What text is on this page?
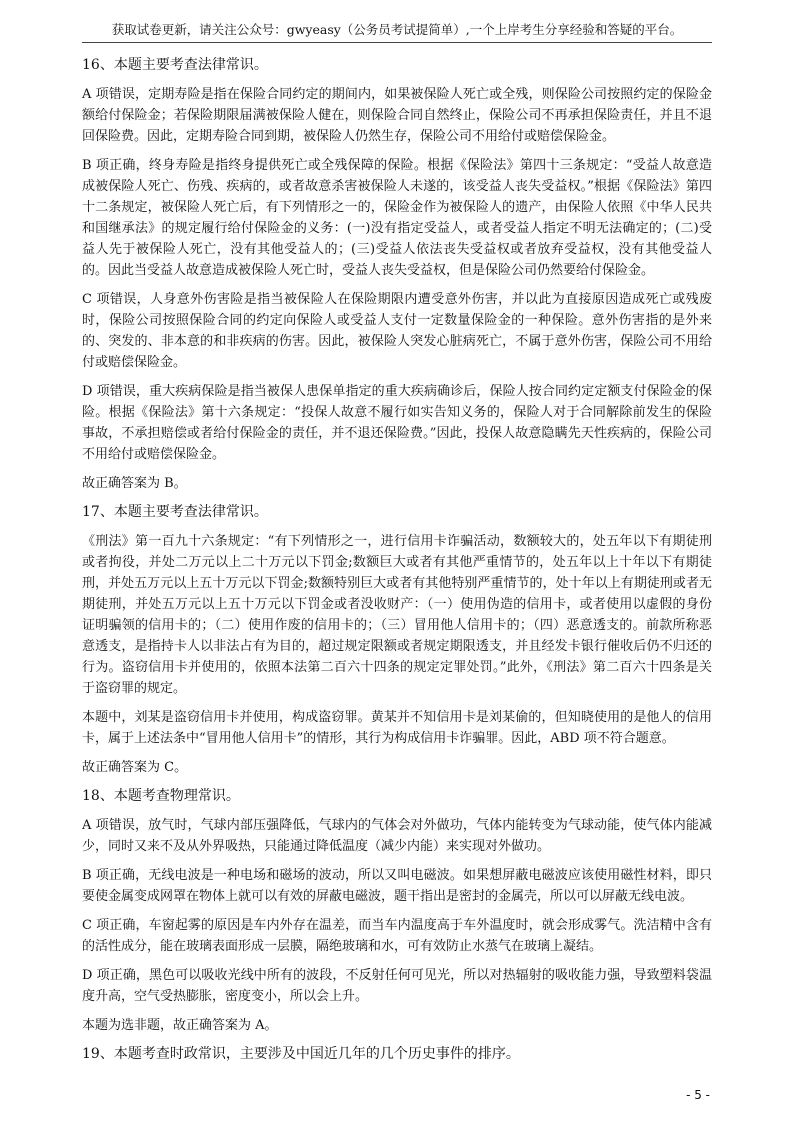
获取试卷更新，请关注公众号：gwyeasy（公务员考试提简单）,一个上岸考生分享经验和答疑的平台。

16、本题主要考查法律常识。

A 项错误，定期寿险是指在保险合同约定的期间内，如果被保险人死亡或全残，则保险公司按照约定的保险金额给付保险金；若保险期限届满被保险人健在，则保险合同自然终止，保险公司不再承担保险责任，并且不退回保险费。因此，定期寿险合同到期，被保险人仍然生存，保险公司不用给付或赔偿保险金。

B 项正确，终身寿险是指终身提供死亡或全残保障的保险。根据《保险法》第四十三条规定：“受益人故意造成被保险人死亡、伤残、疾病的，或者故意杀害被保险人未遂的，该受益人丧失受益权。”根据《保险法》第四十二条规定，被保险人死亡后，有下列情形之一的，保险金作为被保险人的遗产，由保险人依照《中华人民共和国继承法》的规定履行给付保险金的义务：(一)没有指定受益人，或者受益人指定不明无法确定的；(二)受益人先于被保险人死亡，没有其他受益人的；(三)受益人依法丧失受益权或者放弃受益权，没有其他受益人的。因此当受益人故意造成被保险人死亡时，受益人丧失受益权，但是保险公司仍然要给付保险金。

C 项错误，人身意外伤害险是指当被保险人在保险期限内遭受意外伤害，并以此为直接原因造成死亡或残废时，保险公司按照保险合同的约定向保险人或受益人支付一定数量保险金的一种保险。意外伤害指的是外来的、突发的、非本意的和非疾病的伤害。因此，被保险人突发心脏病死亡，不属于意外伤害，保险公司不用给付或赔偿保险金。

D 项错误，重大疾病保险是指当被保人患保单指定的重大疾病确诊后，保险人按合同约定定额支付保险金的保险。根据《保险法》第十六条规定：“投保人故意不履行如实告知义务的，保险人对于合同解除前发生的保险事故，不承担赔偿或者给付保险金的责任，并不退还保险费。”因此，投保人故意隐瞒先天性疾病的，保险公司不用给付或赔偿保险金。

故正确答案为 B。

17、本题主要考查法律常识。

《刑法》第一百九十六条规定：“有下列情形之一，进行信用卡诈骗活动，数额较大的，处五年以下有期徒刑或者拘役，并处二万元以上二十万元以下罚金;数额巨大或者有其他严重情节的，处五年以上十年以下有期徒刑，并处五万元以上五十万元以下罚金;数额特别巨大或者有其他特别严重情节的，处十年以上有期徒刑或者无期徒刑，并处五万元以上五十万元以下罚金或者没收财产：（一）使用伪造的信用卡，或者使用以虚假的身份证明骗领的信用卡的；（二）使用作废的信用卡的；（三）冒用他人信用卡的；（四）恶意透支的。前款所称恶意透支，是指持卡人以非法占有为目的，超过规定限额或者规定期限透支，并且经发卡银行催收后仍不归还的行为。盗窃信用卡并使用的，依照本法第二百六十四条的规定定罪处罚。”此外，《刑法》第二百六十四条是关于盗窃罪的规定。

本题中，刘某是盗窃信用卡并使用，构成盗窃罪。黄某并不知信用卡是刘某偷的，但知晓使用的是他人的信用卡，属于上述法条中“冒用他人信用卡”的情形，其行为构成信用卡诈骗罪。因此，ABD 项不符合题意。

故正确答案为 C。

18、本题考查物理常识。

A 项错误，放气时，气球内部压强降低，气球内的气体会对外做功，气体内能转变为气球动能，使气体内能减少，同时又来不及从外界吸热，只能通过降低温度（减少内能）来实现对外做功。

B 项正确，无线电波是一种电场和磁场的波动，所以又叫电磁波。如果想屏蔽电磁波应该使用磁性材料，即只要使金属变成网罩在物体上就可以有效的屏蔽电磁波，题干指出是密封的金属壳，所以可以屏蔽无线电波。

C 项正确，车窗起雾的原因是车内外存在温差，而当车内温度高于车外温度时，就会形成雾气。洗洁精中含有的活性成分，能在玻璃表面形成一层膜，隔绝玻璃和水，可有效防止水蒸气在玻璃上凝结。

D 项正确，黑色可以吸收光线中所有的波段，不反射任何可见光，所以对热辐射的吸收能力强，导致塑料袋温度升高，空气受热膨胀，密度变小，所以会上升。

本题为选非题，故正确答案为 A。

19、本题考查时政常识，主要涉及中国近几年的几个历史事件的排序。

- 5 -
